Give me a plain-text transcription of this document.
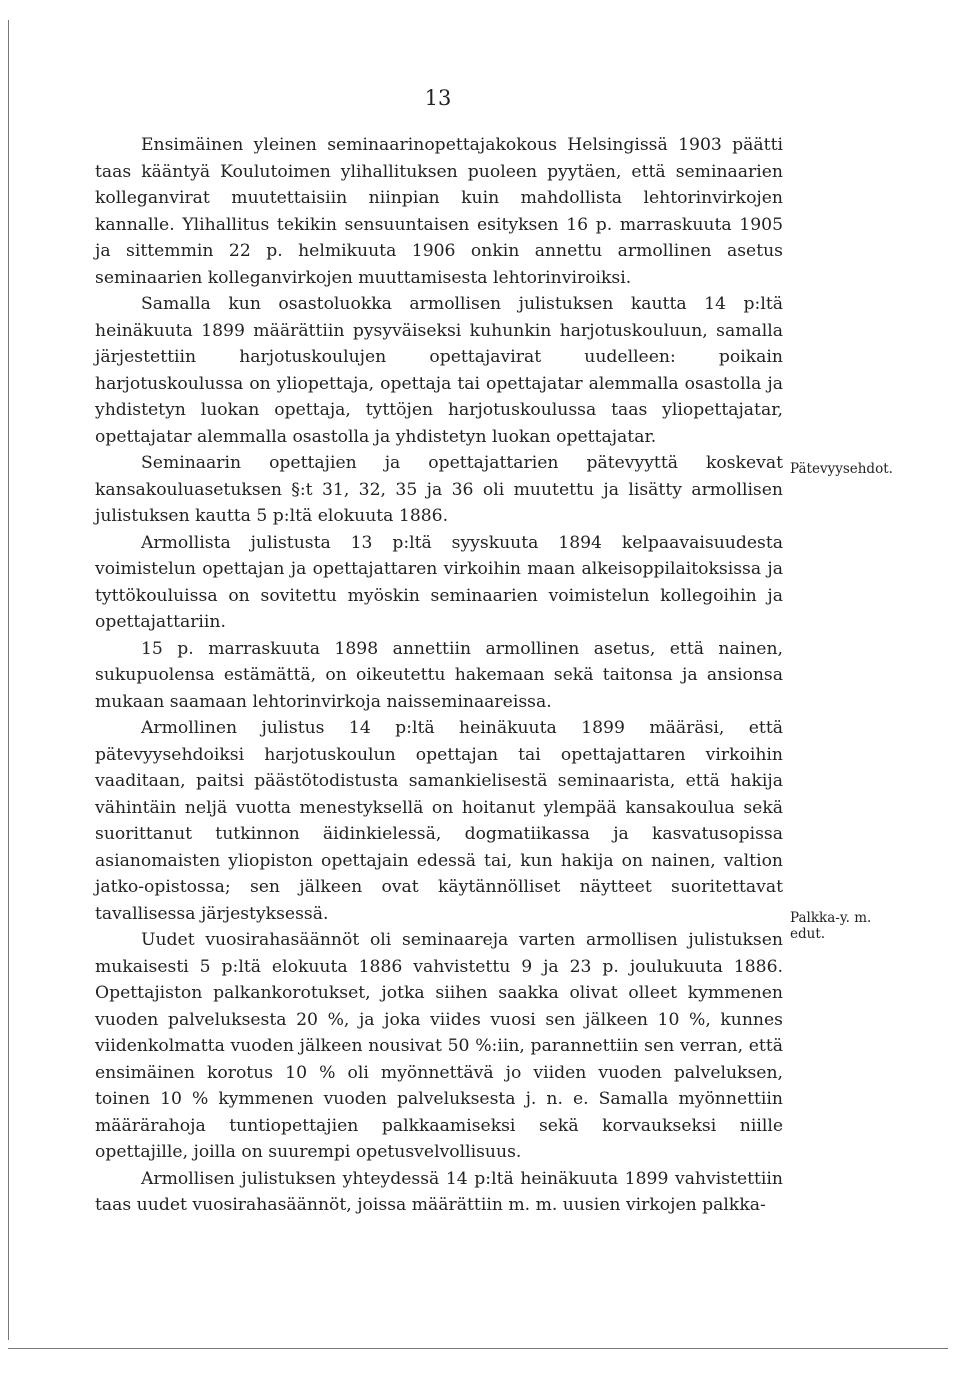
13

Ensimäinen yleinen seminaarinopettajakokous Helsingissä 1903 päätti taas kääntyä Koulutoimen ylihallituksen puoleen pyytäen, että seminaarien kolleganvirat muutettaisiin niinpian kuin mahdollista lehtorinvirkojen kannalle. Ylihallitus tekikin sensuuntaisen esityksen 16 p. marraskuuta 1905 ja sittemmin 22 p. helmikuuta 1906 onkin annettu armollinen asetus seminaarien kolleganvirkojen muuttamisesta lehtorinviroiksi.

Samalla kun osastoluokka armollisen julistuksen kautta 14 p:ltä heinäkuuta 1899 määrättiin pysyväiseksi kuhunkin harjotuskouluun, samalla järjestettiin harjotuskoulujen opettajavirat uudelleen: poikain harjotuskoulussa on yliopettaja, opettaja tai opettajatar alemmalla osastolla ja yhdistetyn luokan opettaja, tyttöjen harjotuskoulussa taas yliopettajatar, opettajatar alemmalla osastolla ja yhdistetyn luokan opettajatar.

Seminaarin opettajien ja opettajattarien pätevyyttä koskevat kansakouluasetuksen §:t 31, 32, 35 ja 36 oli muutettu ja lisätty armollisen julistuksen kautta 5 p:ltä elokuuta 1886.

Armollista julistusta 13 p:ltä syyskuuta 1894 kelpaavaisuudesta voimistelun opettajan ja opettajattaren virkoihin maan alkeisoppilaitoksissa ja tyttökouluissa on sovitettu myöskin seminaarien voimistelun kollegoihin ja opettajattariin.

15 p. marraskuuta 1898 annettiin armollinen asetus, että nainen, sukupuolensa estämättä, on oikeutettu hakemaan sekä taitonsa ja ansionsa mukaan saamaan lehtorinvirkoja naisseminaareissa.

Armollinen julistus 14 p:ltä heinäkuuta 1899 määräsi, että pätevyysehdoiksi harjotuskoulun opettajan tai opettajattaren virkoihin vaaditaan, paitsi päästötodistusta samankielisestä seminaarista, että hakija vähintäin neljä vuotta menestyksellä on hoitanut ylempää kansakoulua sekä suorittanut tutkinnon äidinkielessä, dogmatiikassa ja kasvatusopissa asianomaisten yliopiston opettajain edessä tai, kun hakija on nainen, valtion jatko-opistossa; sen jälkeen ovat käytännölliset näytteet suoritettavat tavallisessa järjestyksessä.

Uudet vuosirahasäännöt oli seminaareja varten armollisen julistuksen mukaisesti 5 p:ltä elokuuta 1886 vahvistettu 9 ja 23 p. joulukuuta 1886. Opettajiston palkankorotukset, jotka siihen saakka olivat olleet kymmenen vuoden palveluksesta 20 %, ja joka viides vuosi sen jälkeen 10 %, kunnes viidenkolmatta vuoden jälkeen nousivat 50 %:iin, parannettiin sen verran, että ensimäinen korotus 10 % oli myönnettävä jo viiden vuoden palveluksen, toinen 10 % kymmenen vuoden palveluksesta j. n. e. Samalla myönnettiin määrärahoja tuntiopettajien palkkaamiseksi sekä korvaukseksi niille opettajille, joilla on suurempi opetusvelvollisuus.

Armollisen julistuksen yhteydessä 14 p:ltä heinäkuuta 1899 vahvistettiin taas uudet vuosirahasäännöt, joissa määrättiin m. m. uusien virkojen palkka-

Pätevyysehdot.
Palkka-y. m. edut.
